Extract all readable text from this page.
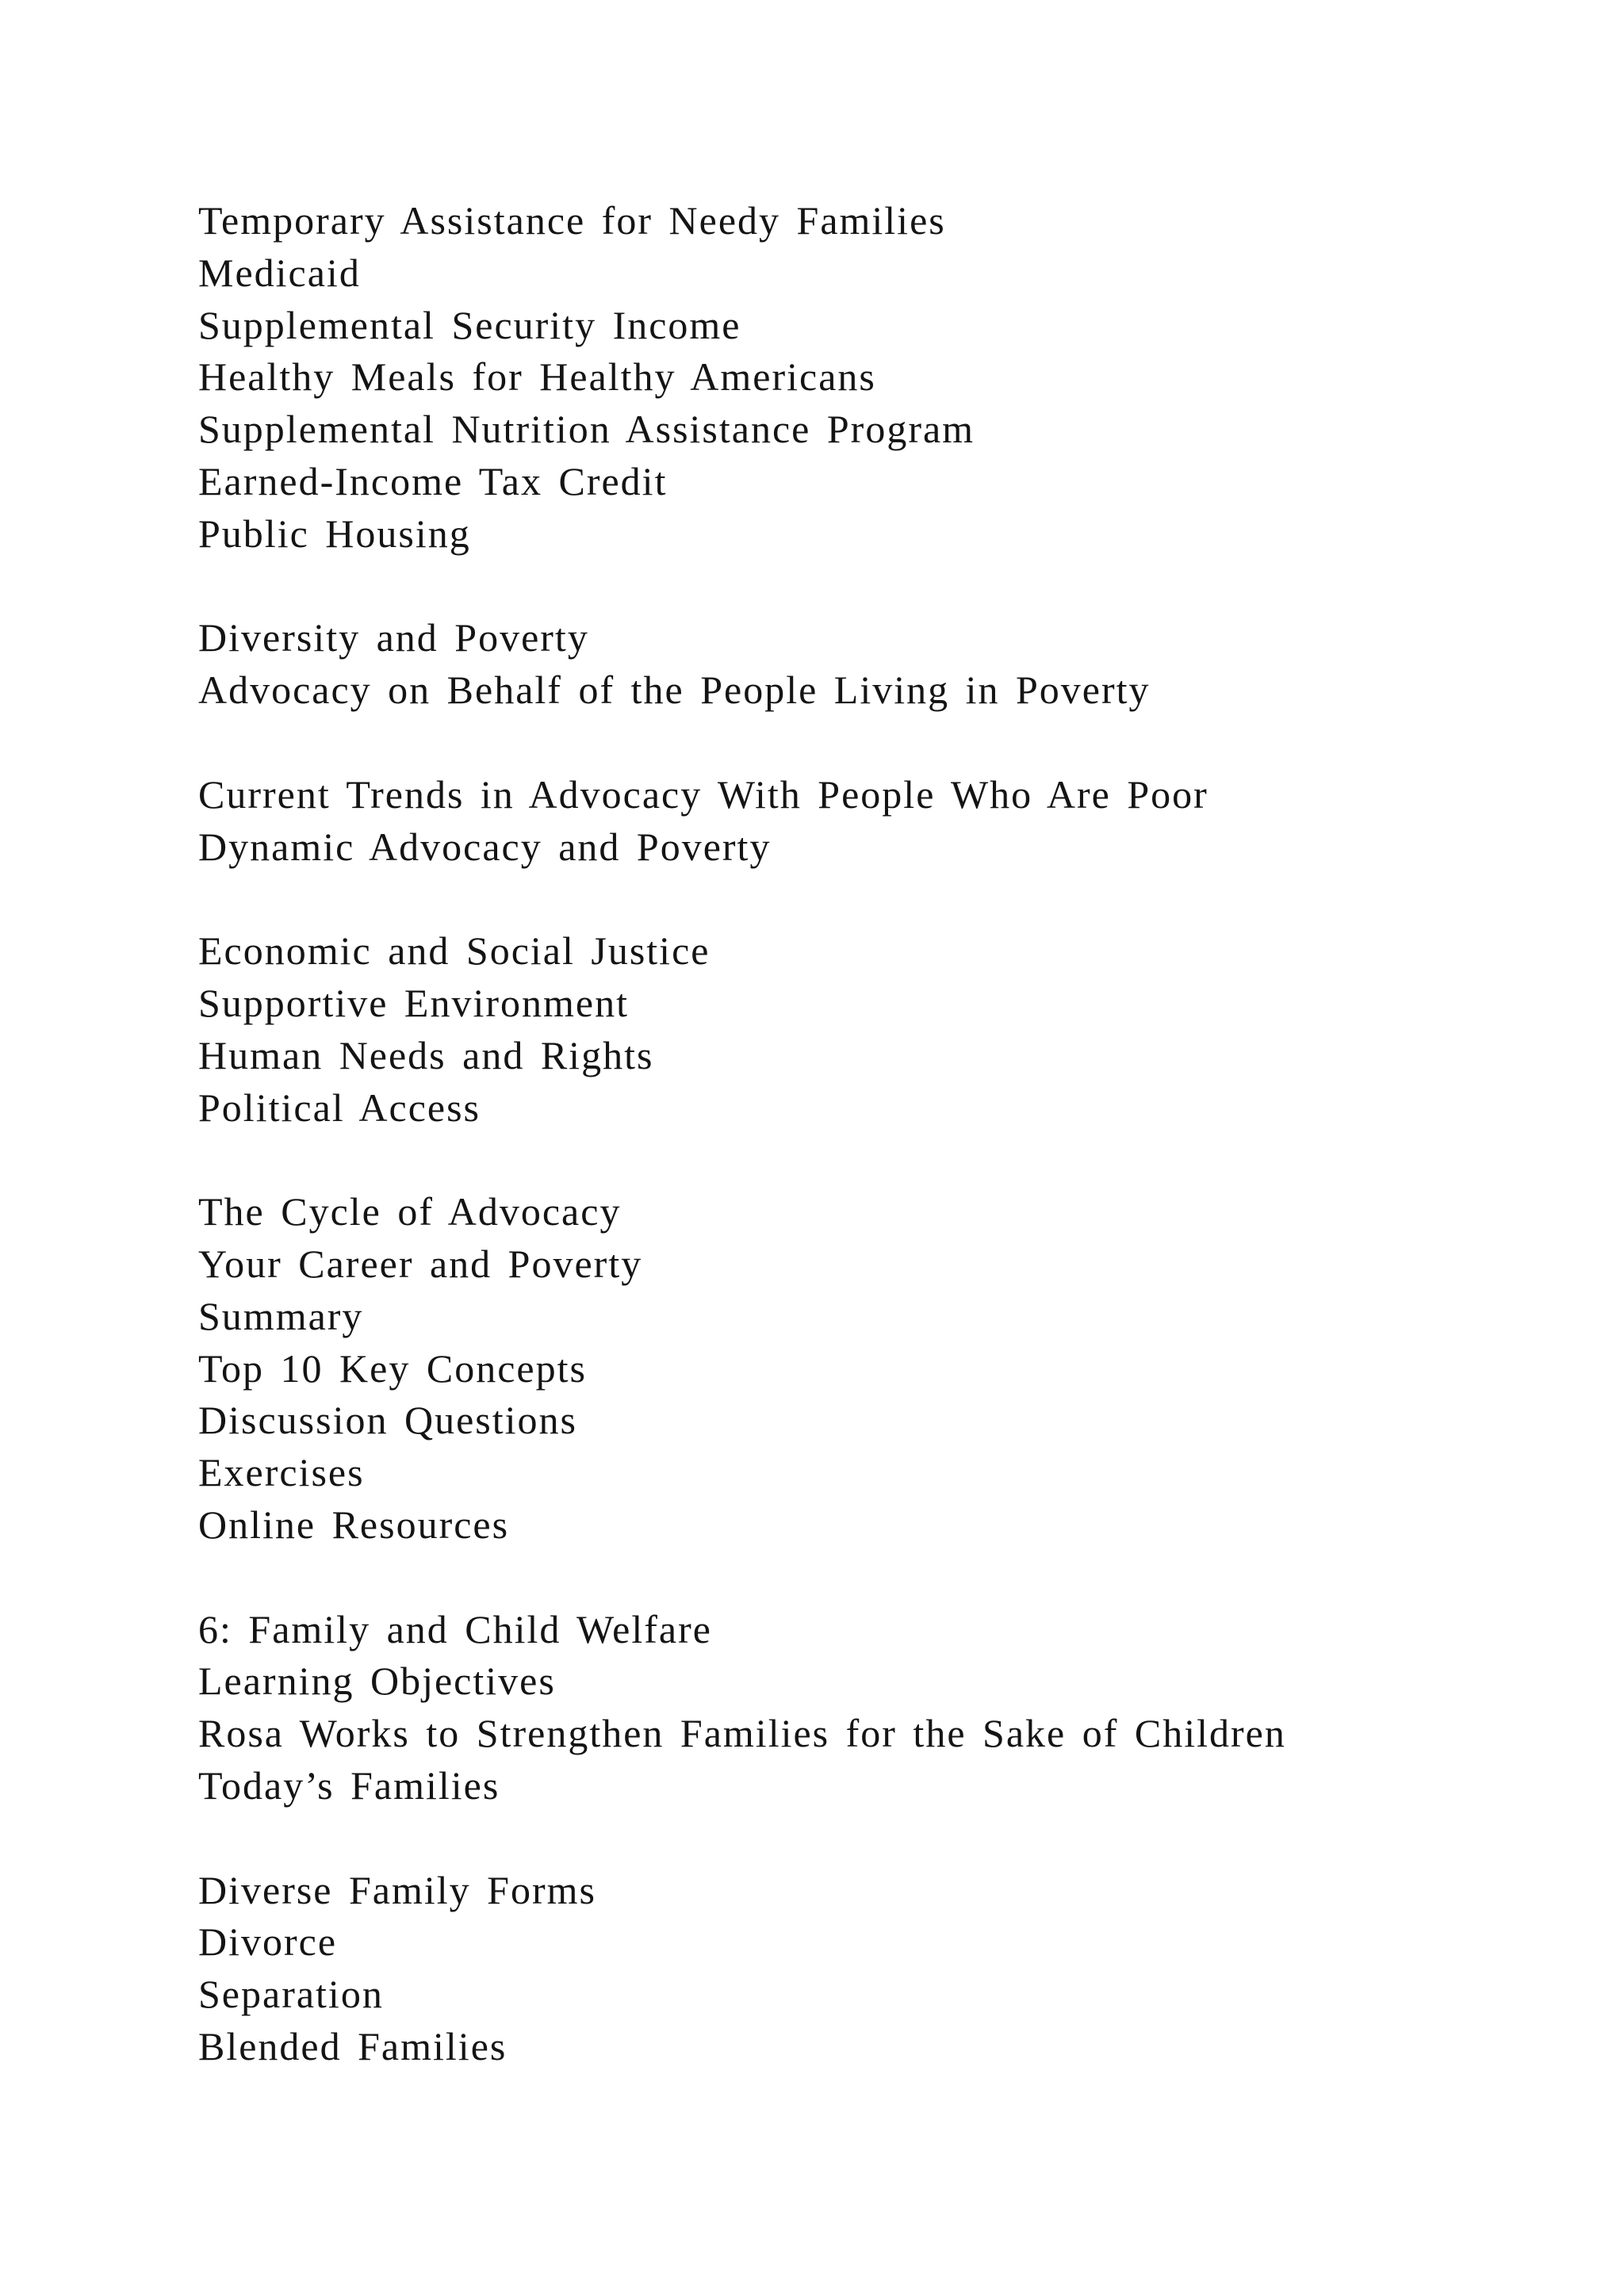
Temporary Assistance for Needy Families
Medicaid
Supplemental Security Income
Healthy Meals for Healthy Americans
Supplemental Nutrition Assistance Program
Earned-Income Tax Credit
Public Housing
Diversity and Poverty
Advocacy on Behalf of the People Living in Poverty
Current Trends in Advocacy With People Who Are Poor
Dynamic Advocacy and Poverty
Economic and Social Justice
Supportive Environment
Human Needs and Rights
Political Access
The Cycle of Advocacy
Your Career and Poverty
Summary
Top 10 Key Concepts
Discussion Questions
Exercises
Online Resources
6: Family and Child Welfare
Learning Objectives
Rosa Works to Strengthen Families for the Sake of Children
Today’s Families
Diverse Family Forms
Divorce
Separation
Blended Families
